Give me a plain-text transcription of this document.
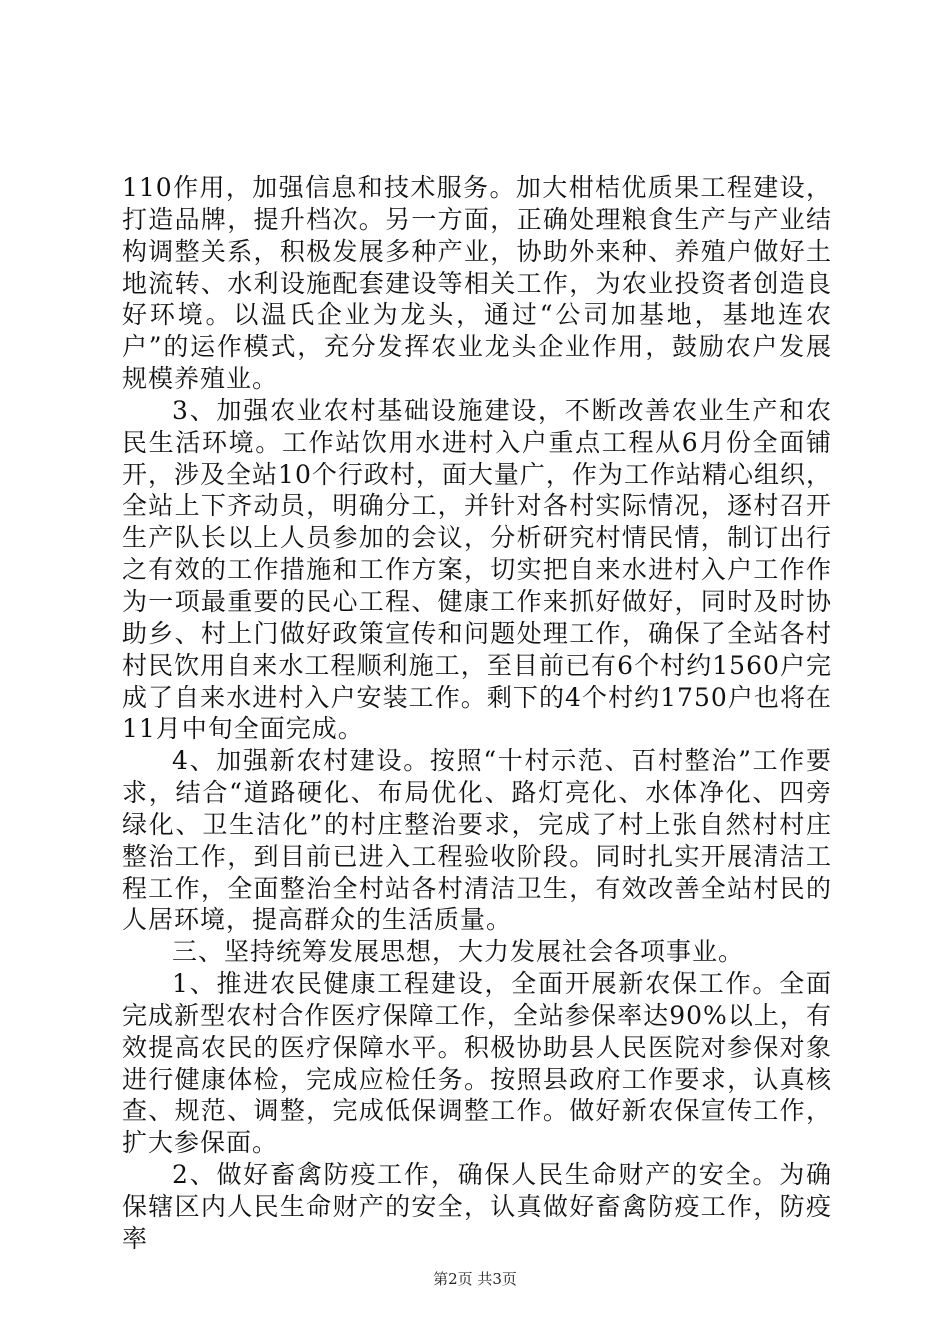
110作用，加强信息和技术服务。加大柑桔优质果工程建设，打造品牌，提升档次。另一方面，正确处理粮食生产与产业结构调整关系，积极发展多种产业，协助外来种、养殖户做好土地流转、水利设施配套建设等相关工作，为农业投资者创造良好环境。以温氏企业为龙头，通过“公司加基地，基地连农户”的运作模式，充分发挥农业龙头企业作用，鼓励农户发展规模养殖业。

3、加强农业农村基础设施建设，不断改善农业生产和农民生活环境。工作站饮用水进村入户重点工程从6月份全面铺开，涉及全站10个行政村，面大量广，作为工作站精心组织，全站上下齐动员，明确分工，并针对各村实际情况，逐村召开生产队长以上人员参加的会议，分析研究村情民情，制订出行之有效的工作措施和工作方案，切实把自来水进村入户工作作为一项最重要的民心工程、健康工作来抓好做好，同时及时协助乡、村上门做好政策宣传和问题处理工作，确保了全站各村村民饮用自来水工程顺利施工，至目前已有6个村约1560户完成了自来水进村入户安装工作。剩下的4个村约1750户也将在11月中旬全面完成。

4、加强新农村建设。按照“十村示范、百村整治”工作要求，结合“道路硬化、布局优化、路灯亮化、水体净化、四旁绿化、卫生洁化”的村庄整治要求，完成了村上张自然村村庄整治工作，到目前已进入工程验收阶段。同时扎实开展清洁工程工作，全面整治全村站各村清洁卫生，有效改善全站村民的人居环境，提高群众的生活质量。

三、坚持统筹发展思想，大力发展社会各项事业。

1、推进农民健康工程建设，全面开展新农保工作。全面完成新型农村合作医疗保障工作，全站参保率达90%以上，有效提高农民的医疗保障水平。积极协助县人民医院对参保对象进行健康体检，完成应检任务。按照县政府工作要求，认真核查、规范、调整，完成低保调整工作。做好新农保宣传工作，扩大参保面。

2、做好畜禽防疫工作，确保人民生命财产的安全。为确保辖区内人民生命财产的安全，认真做好畜禽防疫工作，防疫率

第2页 共3页
